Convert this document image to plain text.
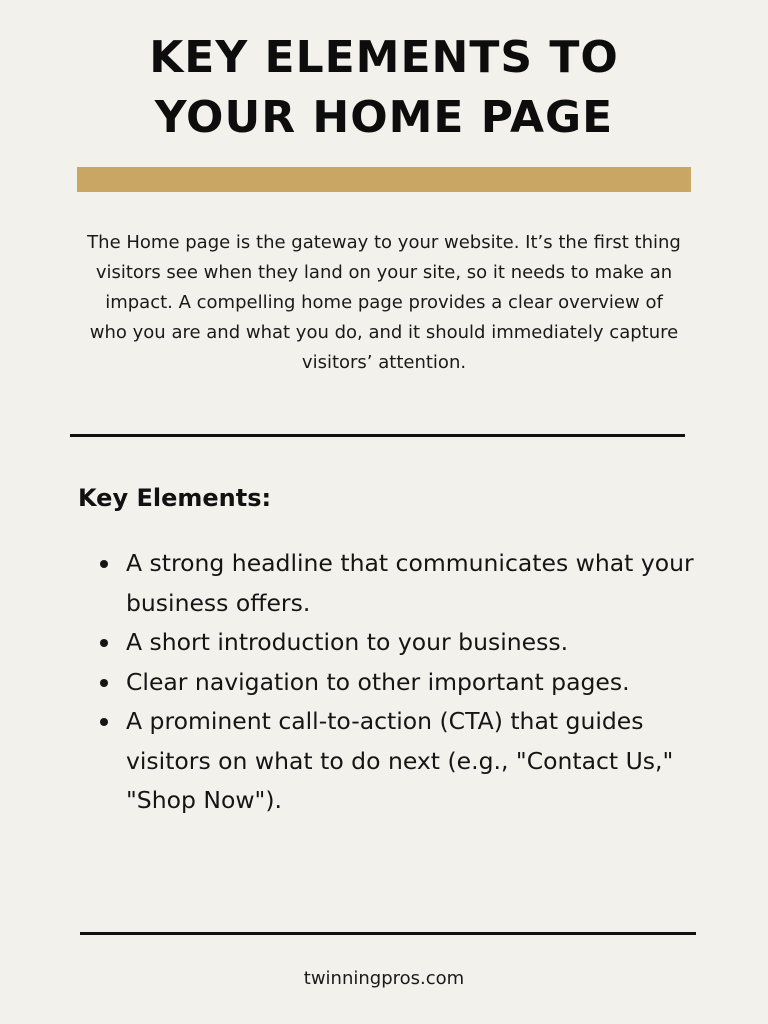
KEY ELEMENTS TO
YOUR HOME PAGE

The Home page is the gateway to your website. It’s the first thing visitors see when they land on your site, so it needs to make an impact. A compelling home page provides a clear overview of who you are and what you do, and it should immediately capture visitors’ attention.

Key Elements:
A strong headline that communicates what your business offers.
A short introduction to your business.
Clear navigation to other important pages.
A prominent call-to-action (CTA) that guides visitors on what to do next (e.g., "Contact Us," "Shop Now").

twinningpros.com
